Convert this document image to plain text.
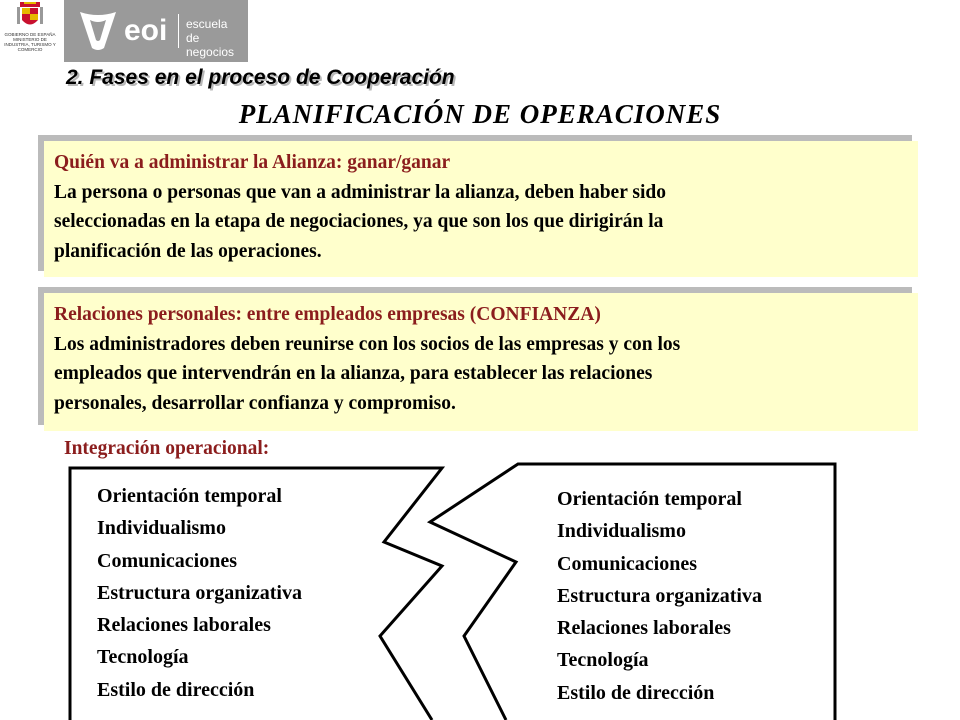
GOBIERNO DE ESPAÑA MINISTERIO DE INDUSTRIA, TURISMO Y COMERCIO
eoi escuela
de negocios
2. Fases en el proceso de Cooperación
PLANIFICACIÓN DE OPERACIONES
Quién va a administrar la Alianza: ganar/ganar
La persona o personas que van a administrar la alianza, deben haber sido
seleccionadas en la etapa de negociaciones, ya que son los que dirigirán la
planificación de las operaciones.
Relaciones personales: entre empleados empresas (CONFIANZA)
Los administradores deben reunirse con los socios de las empresas y con los
empleados que intervendrán en la alianza, para establecer las relaciones
personales, desarrollar confianza y compromiso.
Integración operacional:
Orientación temporal
Individualismo
Comunicaciones
Estructura organizativa
Relaciones laborales
Tecnología
Estilo de dirección
Orientación temporal
Individualismo
Comunicaciones
Estructura organizativa
Relaciones laborales
Tecnología
Estilo de dirección
